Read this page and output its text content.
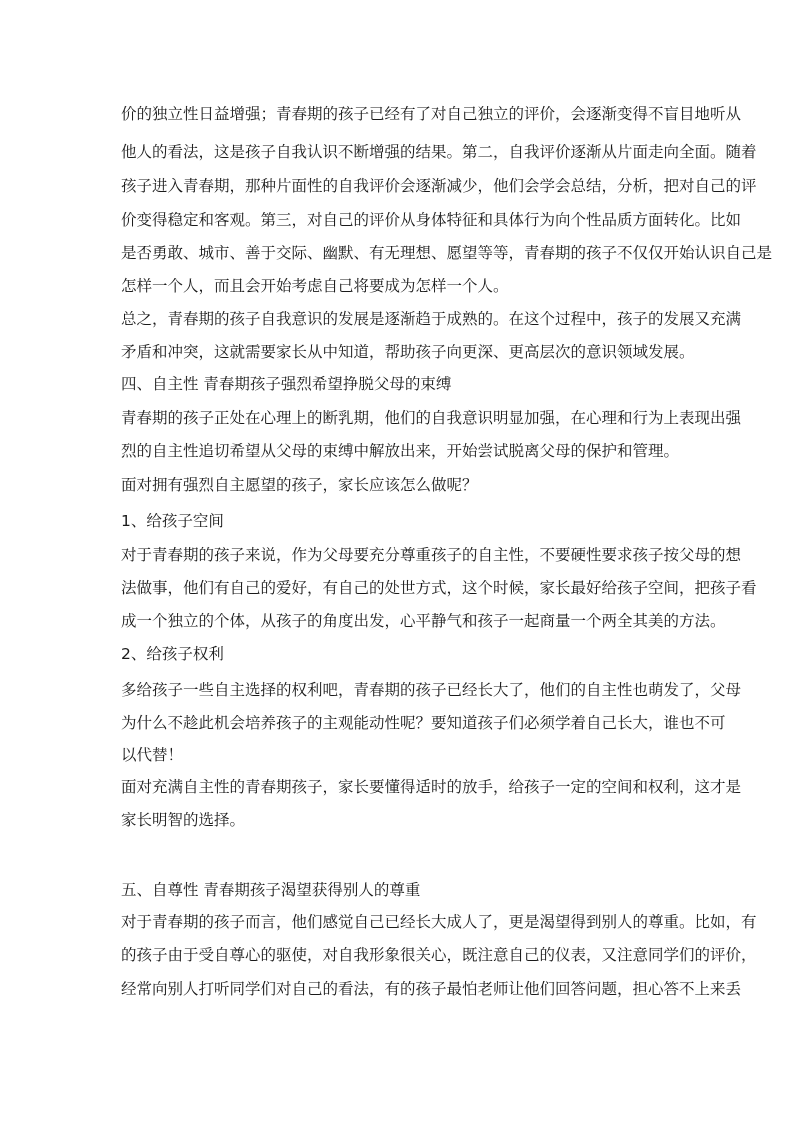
价的独立性日益增强；青春期的孩子已经有了对自己独立的评价，会逐渐变得不盲目地听从
他人的看法，这是孩子自我认识不断增强的结果。第二，自我评价逐渐从片面走向全面。随着
孩子进入青春期，那种片面性的自我评价会逐渐减少，他们会学会总结，分析，把对自己的评
价变得稳定和客观。第三，对自己的评价从身体特征和具体行为向个性品质方面转化。比如
是否勇敢、城市、善于交际、幽默、有无理想、愿望等等，青春期的孩子不仅仅开始认识自己是
怎样一个人，而且会开始考虑自己将要成为怎样一个人。
总之，青春期的孩子自我意识的发展是逐渐趋于成熟的。在这个过程中，孩子的发展又充满
矛盾和冲突，这就需要家长从中知道，帮助孩子向更深、更高层次的意识领域发展。
四、自主性 青春期孩子强烈希望挣脱父母的束缚
青春期的孩子正处在心理上的断乳期，他们的自我意识明显加强，在心理和行为上表现出强
烈的自主性追切希望从父母的束缚中解放出来，开始尝试脱离父母的保护和管理。
面对拥有强烈自主愿望的孩子，家长应该怎么做呢？
1、给孩子空间
对于青春期的孩子来说，作为父母要充分尊重孩子的自主性，不要硬性要求孩子按父母的想
法做事，他们有自己的爱好，有自己的处世方式，这个时候，家长最好给孩子空间，把孩子看
成一个独立的个体，从孩子的角度出发，心平静气和孩子一起商量一个两全其美的方法。
2、给孩子权利
多给孩子一些自主选择的权利吧，青春期的孩子已经长大了，他们的自主性也萌发了，父母
为什么不趁此机会培养孩子的主观能动性呢？要知道孩子们必须学着自己长大，谁也不可
以代替！
面对充满自主性的青春期孩子，家长要懂得适时的放手，给孩子一定的空间和权利，这才是
家长明智的选择。
五、自尊性 青春期孩子渴望获得别人的尊重
对于青春期的孩子而言，他们感觉自己已经长大成人了，更是渴望得到别人的尊重。比如，有
的孩子由于受自尊心的驱使，对自我形象很关心，既注意自己的仪表，又注意同学们的评价，
经常向别人打听同学们对自己的看法，有的孩子最怕老师让他们回答问题，担心答不上来丢
